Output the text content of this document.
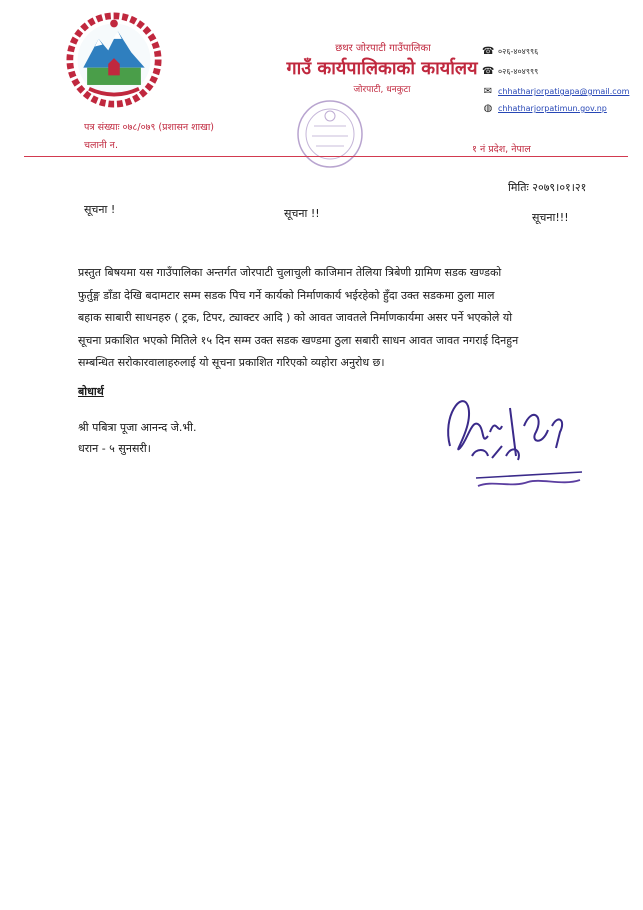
छथर जोरपाटी गाउँपालिका
गाउँ कार्यपालिकाको कार्यालय
जोरपाटी, धनकुटा
☎ ०२६-४०४९९६
☎ ०२६-४०४९९९
✉ chhatharjorpatigapa@gmail.com
◍ chhatharjorpatimun.gov.np
पत्र संख्याः ०७८/०७९ (प्रशासन शाखा)
चलानी न.	१ नं प्रदेश, नेपाल
मितिः २०७९।०१।२१
सूचना !	सूचना !!	सूचना!!!
प्रस्तुत बिषयमा यस गाउँपालिका अन्तर्गत जोरपाटी चुलाचुली काजिमान तेलिया त्रिबेणी ग्रामिण सडक खण्डको
फुर्तुङ्ग डाँडा देखि बदामटार सम्म सडक पिच गर्ने कार्यको निर्माणकार्य भईरहेको हुँदा उक्त सडकमा ठुला माल
बहाक साबारी साधनहरु ( ट्रक, टिपर, ट्याक्टर आदि ) को आवत जावतले निर्माणकार्यमा असर पर्ने भएकोले यो
सूचना प्रकाशित भएको मितिले १५ दिन सम्म उक्त सडक खण्डमा ठुला सबारी साधन आवत जावत नगराई दिनहुन
सम्बन्धित सरोकारवालाहरुलाई यो सूचना प्रकाशित गरिएको व्यहोरा अनुरोध छ।
बोधार्थ
श्री पबित्रा पूजा आनन्द जे.भी.
धरान - ५ सुनसरी।
